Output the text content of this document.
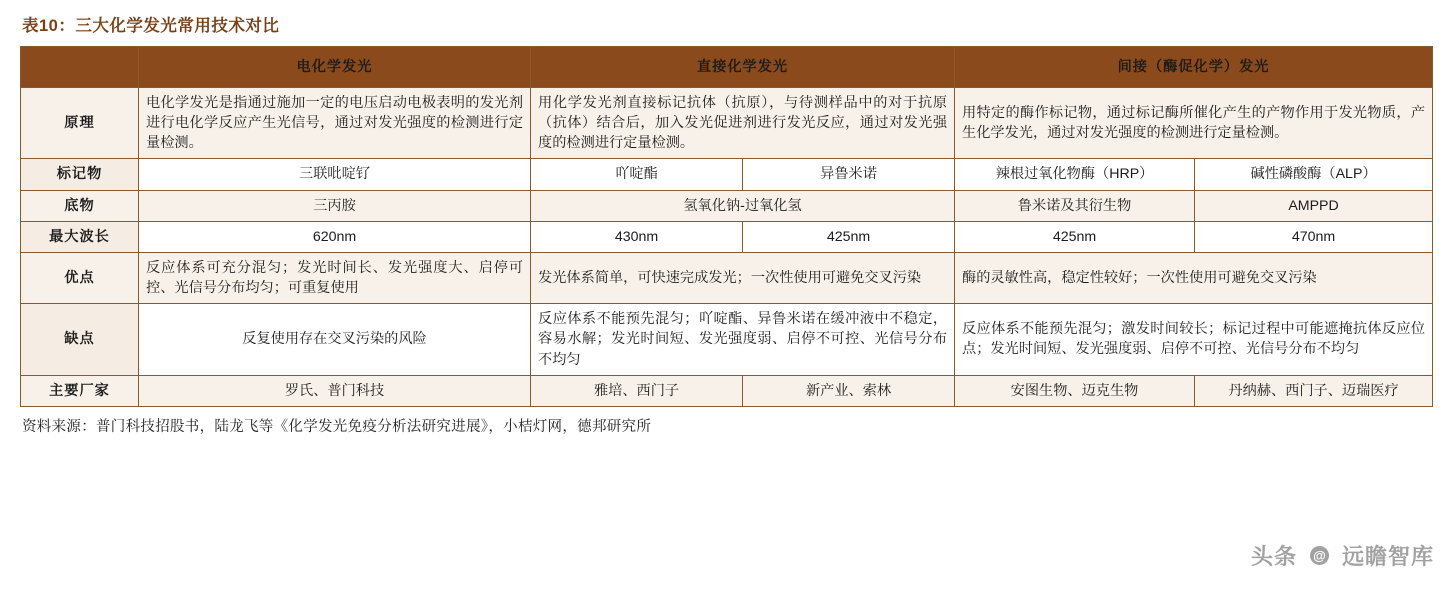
表10：三大化学发光常用技术对比
	电化学发光	直接化学发光		间接（酶促化学）发光	
原理	电化学发光是指通过施加一定的电压启动电极表明的发光剂进行电化学反应产生光信号，通过对发光强度的检测进行定量检测。	用化学发光剂直接标记抗体（抗原），与待测样品中的对于抗原（抗体）结合后，加入发光促进剂进行发光反应，通过对发光强度的检测进行定量检测。		用特定的酶作标记物，通过标记酶所催化产生的产物作用于发光物质，产生化学发光，通过对发光强度的检测进行定量检测。	
标记物	三联吡啶钌	吖啶酯	异鲁米诺	辣根过氧化物酶（HRP）	碱性磷酸酶（ALP）
底物	三丙胺	氢氧化钠-过氧化氢		鲁米诺及其衍生物	AMPPD
最大波长	620nm	430nm	425nm	425nm	470nm
优点	反应体系可充分混匀；发光时间长、发光强度大、启停可控、光信号分布均匀；可重复使用	发光体系简单，可快速完成发光；一次性使用可避免交叉污染		酶的灵敏性高，稳定性较好；一次性使用可避免交叉污染	
缺点	反复使用存在交叉污染的风险	反应体系不能预先混匀；吖啶酯、异鲁米诺在缓冲液中不稳定，容易水解；发光时间短、发光强度弱、启停不可控、光信号分布不均匀		反应体系不能预先混匀；激发时间较长；标记过程中可能遮掩抗体反应位点；发光时间短、发光强度弱、启停不可控、光信号分布不均匀	
主要厂家	罗氏、普门科技	雅培、西门子	新产业、索林	安图生物、迈克生物	丹纳赫、西门子、迈瑞医疗
资料来源：普门科技招股书，陆龙飞等《化学发光免疫分析法研究进展》，小桔灯网，德邦研究所
头条 @ 远瞻智库
